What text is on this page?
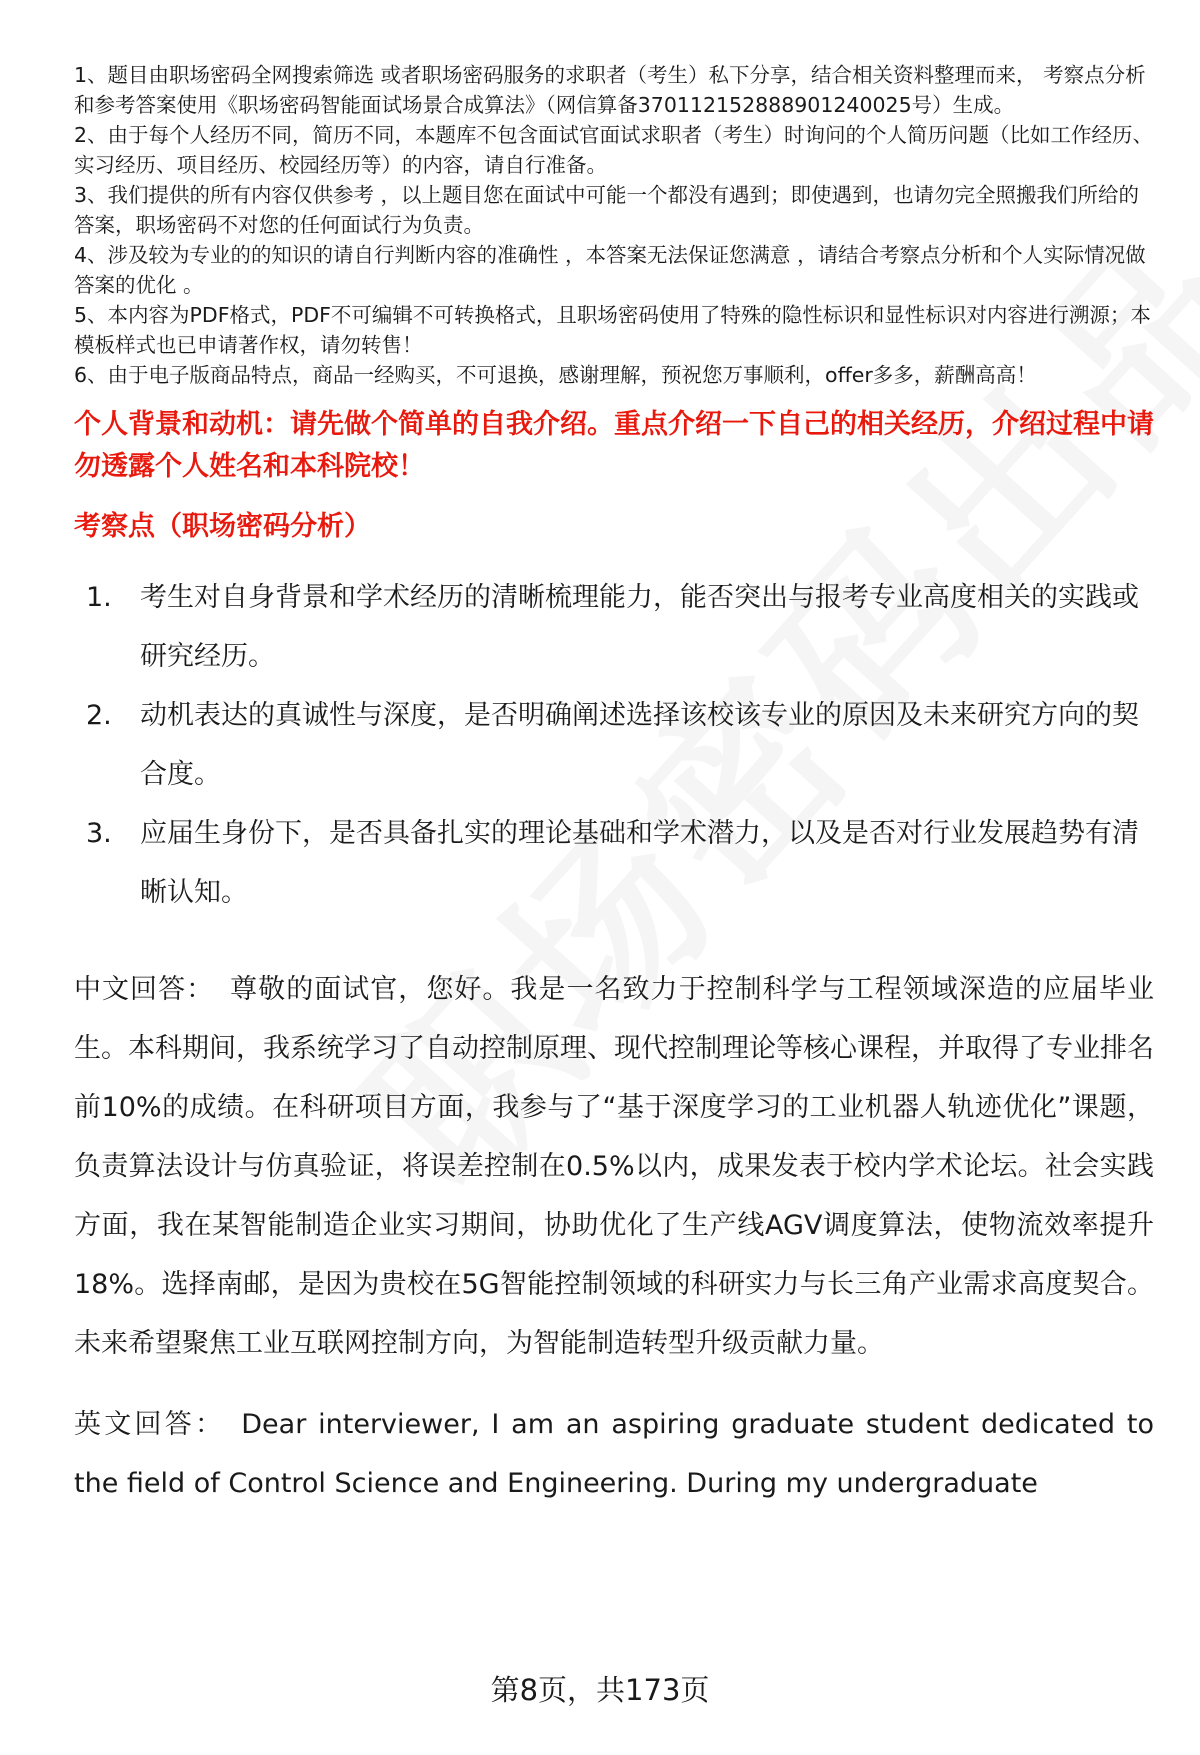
1、题目由职场密码全网搜索筛选 或者职场密码服务的求职者（考生）私下分享，结合相关资料整理而来， 考察点分析和参考答案使用《职场密码智能面试场景合成算法》（网信算备370112152888901240025号）生成。

2、由于每个人经历不同，简历不同，本题库不包含面试官面试求职者（考生）时询问的个人简历问题（比如工作经历、实习经历、项目经历、校园经历等）的内容，请自行准备。

3、我们提供的所有内容仅供参考 ，以上题目您在面试中可能一个都没有遇到；即使遇到，也请勿完全照搬我们所给的答案，职场密码不对您的任何面试行为负责。

4、涉及较为专业的的知识的请自行判断内容的准确性 ，本答案无法保证您满意 ，请结合考察点分析和个人实际情况做答案的优化 。

5、本内容为PDF格式，PDF不可编辑不可转换格式，且职场密码使用了特殊的隐性标识和显性标识对内容进行溯源；本模板样式也已申请著作权，请勿转售！

6、由于电子版商品特点，商品一经购买，不可退换，感谢理解，预祝您万事顺利，offer多多，薪酬高高！

个人背景和动机：请先做个简单的自我介绍。重点介绍一下自己的相关经历，介绍过程中请勿透露个人姓名和本科院校！

考察点（职场密码分析）

1.	考生对自身背景和学术经历的清晰梳理能力，能否突出与报考专业高度相关的实践或研究经历。
2.	动机表达的真诚性与深度，是否明确阐述选择该校该专业的原因及未来研究方向的契合度。
3.	应届生身份下，是否具备扎实的理论基础和学术潜力，以及是否对行业发展趋势有清晰认知。

中文回答： 尊敬的面试官，您好。我是一名致力于控制科学与工程领域深造的应届毕业生。本科期间，我系统学习了自动控制原理、现代控制理论等核心课程，并取得了专业排名前10%的成绩。在科研项目方面，我参与了“基于深度学习的工业机器人轨迹优化”课题，负责算法设计与仿真验证，将误差控制在0.5%以内，成果发表于校内学术论坛。社会实践方面，我在某智能制造企业实习期间，协助优化了生产线AGV调度算法，使物流效率提升18%。选择南邮，是因为贵校在5G智能控制领域的科研实力与长三角产业需求高度契合。未来希望聚焦工业互联网控制方向，为智能制造转型升级贡献力量。

英文回答： Dear interviewer, I am an aspiring graduate student dedicated to the field of Control Science and Engineering. During my undergraduate

第8页，共173页
